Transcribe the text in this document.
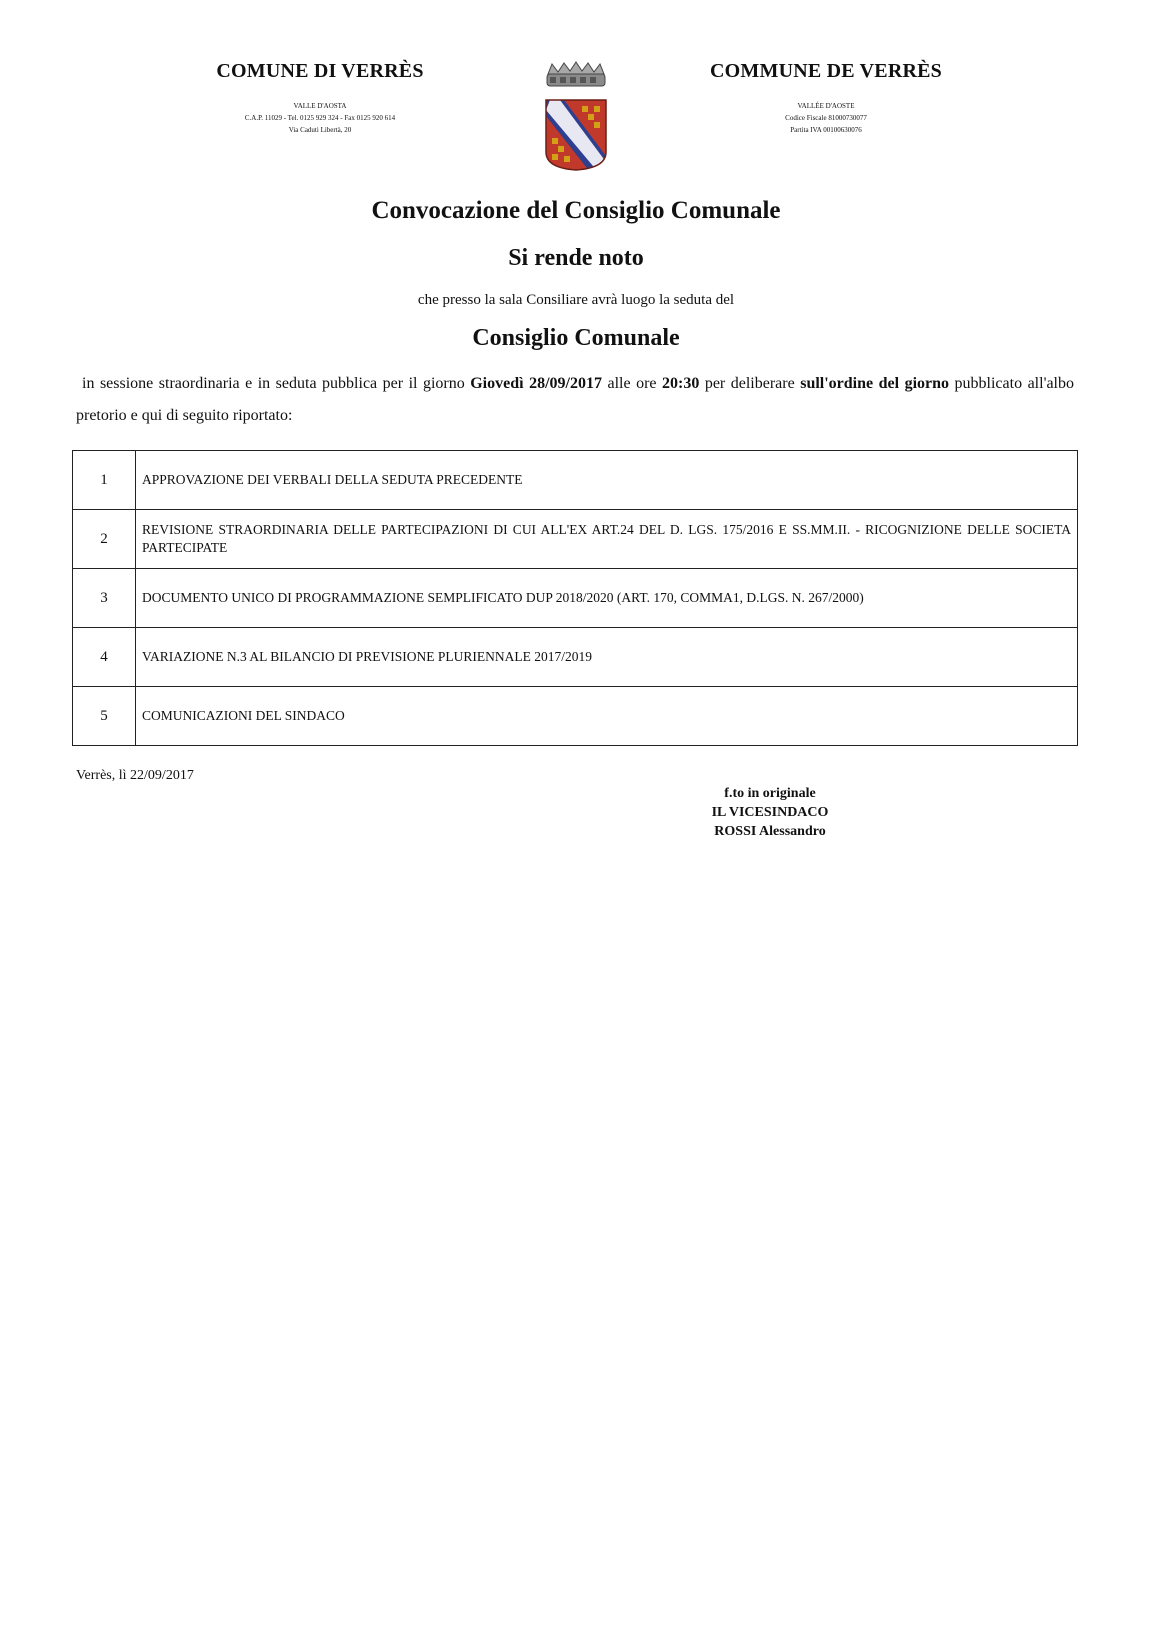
COMUNE DI VERRÈS
VALLE D'AOSTA
C.A.P. 11029 - Tel. 0125 929 324 - Fax 0125 920 614
Via Caduti Libertà, 20
COMMUNE DE VERRÈS
VALLÉE D'AOSTE
Codice Fiscale 81000730077
Partita IVA 00100630076
Convocazione del Consiglio Comunale
Si rende noto
che presso la sala Consiliare avrà luogo la seduta del
Consiglio Comunale
in sessione straordinaria e in seduta pubblica per il giorno Giovedì 28/09/2017 alle ore 20:30 per deliberare sull'ordine del giorno pubblicato all'albo pretorio e qui di seguito riportato:
1	APPROVAZIONE DEI VERBALI DELLA SEDUTA PRECEDENTE
2	REVISIONE STRAORDINARIA DELLE PARTECIPAZIONI DI CUI ALL'EX ART.24 DEL D. LGS. 175/2016 E SS.MM.II. - RICOGNIZIONE DELLE SOCIETA PARTECIPATE
3	DOCUMENTO UNICO DI PROGRAMMAZIONE SEMPLIFICATO DUP 2018/2020 (ART. 170, COMMA1, D.LGS. N. 267/2000)
4	VARIAZIONE N.3 AL BILANCIO DI PREVISIONE PLURIENNALE 2017/2019
5	COMUNICAZIONI DEL SINDACO
Verrès, lì 22/09/2017
f.to in originale
IL VICESINDACO
ROSSI Alessandro
